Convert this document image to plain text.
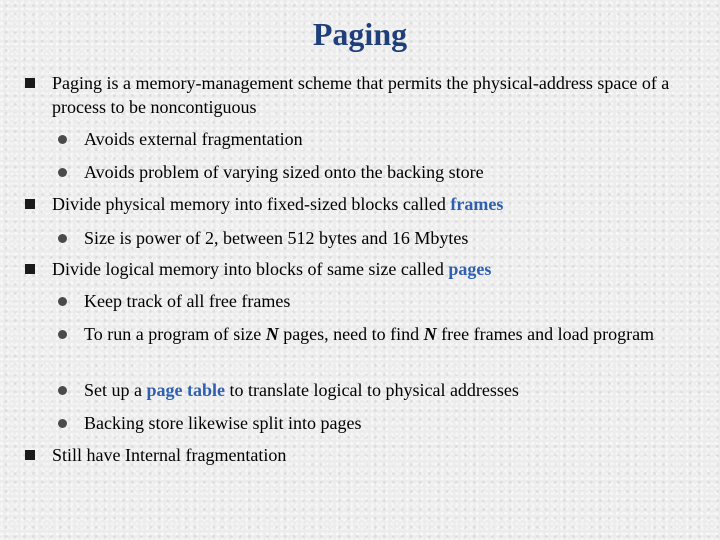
Paging
Paging is a memory-management scheme that permits the physical-address space of a process to be noncontiguous
Avoids external fragmentation
Avoids problem of varying sized onto the backing store
Divide physical memory into fixed-sized blocks called frames
Size is power of 2, between 512 bytes and 16 Mbytes
Divide logical memory into blocks of same size called pages
Keep track of all free frames
To run a program of size N pages, need to find N free frames and load program
Set up a page table to translate logical to physical addresses
Backing store likewise split into pages
Still have Internal fragmentation
